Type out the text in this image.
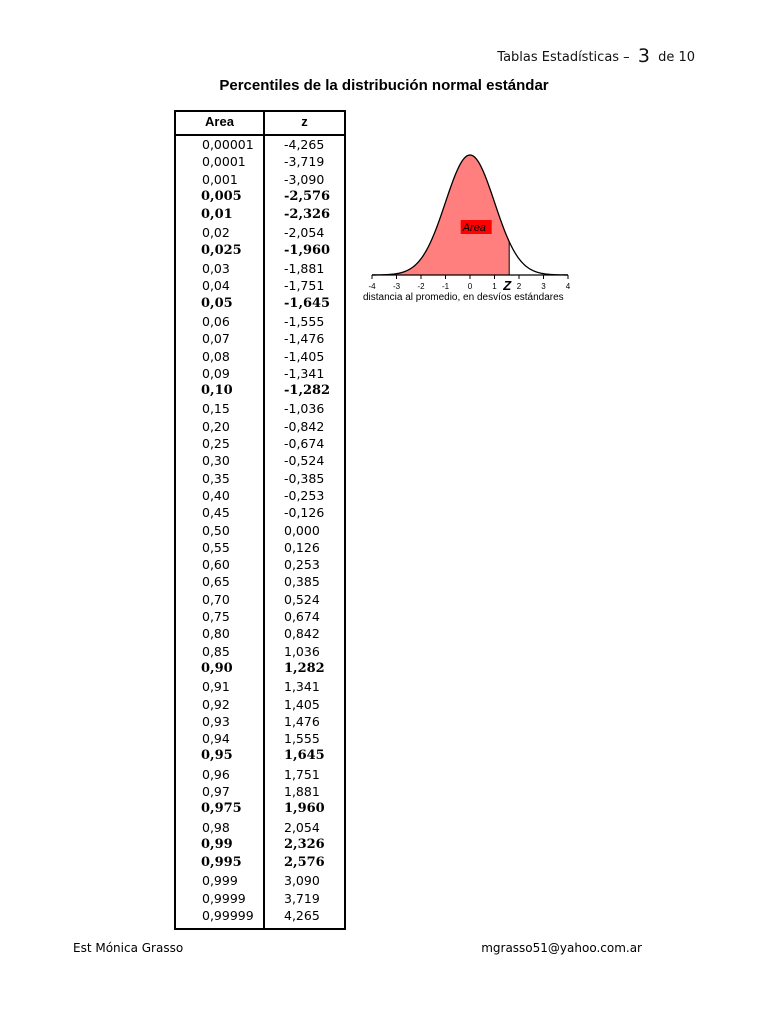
Tablas Estadísticas – 3 de 10
Percentiles de la distribución normal estándar
Area	z
0,00001 -4,265
0,0001	-3,719
0,001	-3,090
0,005	-2,576
0,01	-2,326
0,02	-2,054
0,025	-1,960
0,03	-1,881
0,04	-1,751
0,05	-1,645
0,06	-1,555
0,07	-1,476
0,08	-1,405
0,09	-1,341
0,10	-1,282
0,15	-1,036
0,20	-0,842
0,25	-0,674
0,30	-0,524
0,35	-0,385
0,40	-0,253
0,45	-0,126
0,50	0,000
0,55	0,126
0,60	0,253
0,65	0,385
0,70	0,524
0,75	0,674
0,80	0,842
0,85	1,036
0,90	1,282
0,91	1,341
0,92	1,405
0,93	1,476
0,94	1,555
0,95	1,645
0,96	1,751
0,97	1,881
0,975	1,960
0,98	2,054
0,99	2,326
0,995	2,576
0,999	3,090
0,9999	3,719
0,99999 4,265
-4 -3 -2 -1 0	1	2	3	4
Area
Z
distancia al promedio, en desvíos estándares
Est Mónica Grasso	mgrasso51@yahoo.com.ar
